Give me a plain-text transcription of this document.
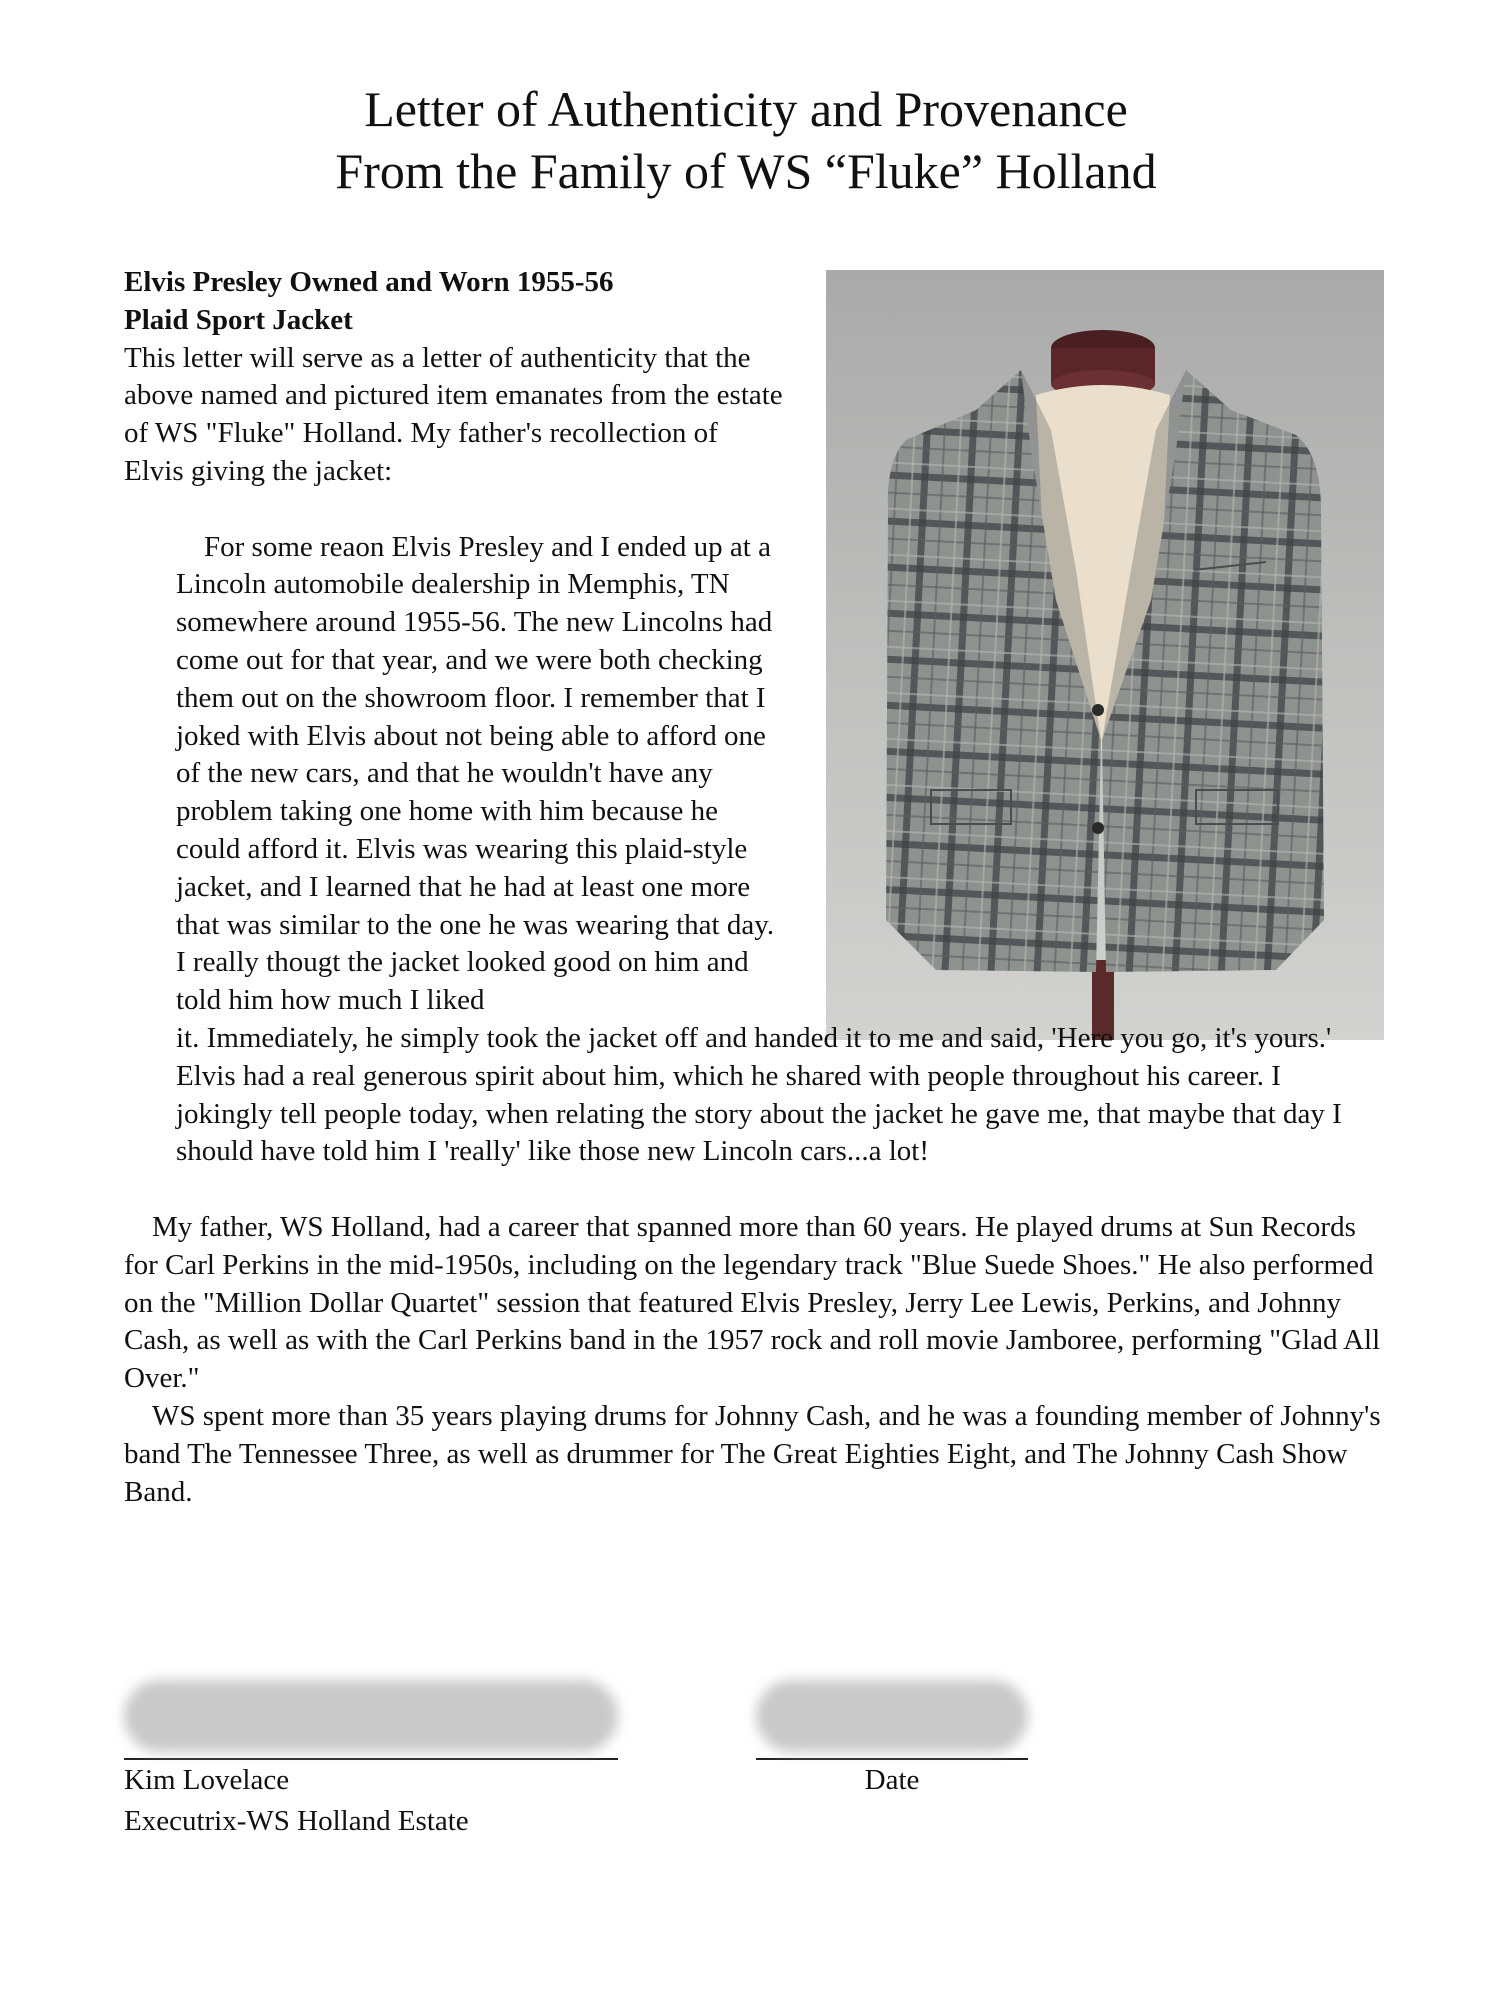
Letter of Authenticity and Provenance
From the Family of WS “Fluke” Holland
Elvis Presley Owned and Worn 1955-56
Plaid Sport Jacket
This letter will serve as a letter of authenticity that the above named and pictured item emanates from the estate of WS "Fluke" Holland. My father's recollection of Elvis giving the jacket:
For some reaon Elvis Presley and I ended up at a Lincoln automobile dealership in Memphis, TN somewhere around 1955-56. The new Lincolns had come out for that year, and we were both checking them out on the showroom floor. I remember that I joked with Elvis about not being able to afford one of the new cars, and that he wouldn't have any problem taking one home with him because he could afford it. Elvis was wearing this plaid-style jacket, and I learned that he had at least one more that was similar to the one he was wearing that day. I really thougt the jacket looked good on him and told him how much I liked
it. Immediately, he simply took the jacket off and handed it to me and said, 'Here you go, it's yours.' Elvis had a real generous spirit about him, which he shared with people throughout his career. I jokingly tell people today, when relating the story about the jacket he gave me, that maybe that day I should have told him I 'really' like those new Lincoln cars...a lot!
My father, WS Holland, had a career that spanned more than 60 years. He played drums at Sun Records for Carl Perkins in the mid-1950s, including on the legendary track "Blue Suede Shoes." He also performed on the "Million Dollar Quartet" session that featured Elvis Presley, Jerry Lee Lewis, Perkins, and Johnny Cash, as well as with the Carl Perkins band in the 1957 rock and roll movie Jamboree, performing "Glad All Over."
WS spent more than 35 years playing drums for Johnny Cash, and he was a founding member of Johnny's band The Tennessee Three, as well as drummer for The Great Eighties Eight, and The Johnny Cash Show Band.
Kim Lovelace
Executrix-WS Holland Estate
Date
